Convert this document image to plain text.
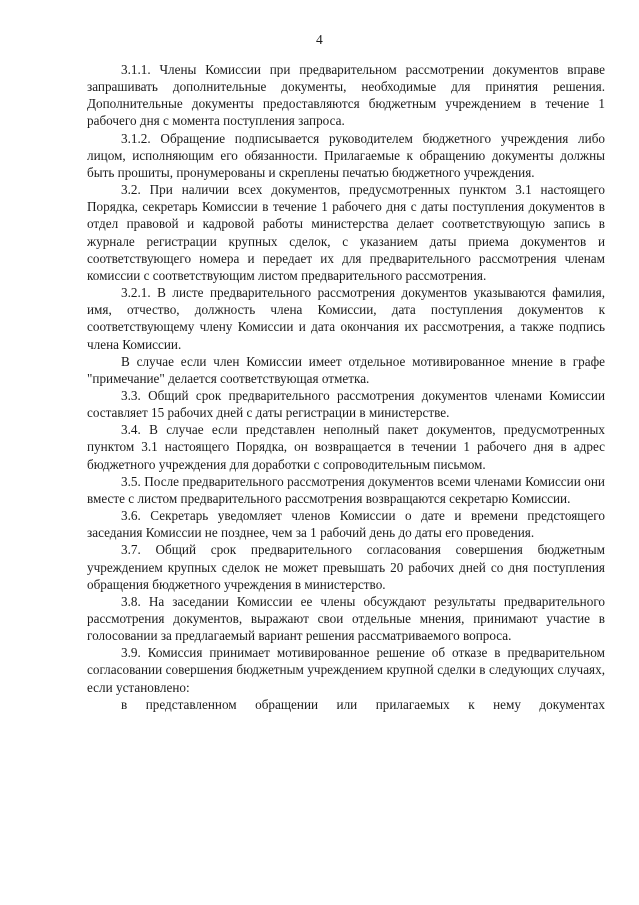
4

3.1.1. Члены Комиссии при предварительном рассмотрении документов вправе запрашивать дополнительные документы, необходимые для принятия решения. Дополнительные документы предоставляются бюджетным учреждением в течение 1 рабочего дня с момента поступления запроса.

3.1.2. Обращение подписывается руководителем бюджетного учреждения либо лицом, исполняющим его обязанности. Прилагаемые к обращению документы должны быть прошиты, пронумерованы и скреплены печатью бюджетного учреждения.

3.2. При наличии всех документов, предусмотренных пунктом 3.1 настоящего Порядка, секретарь Комиссии в течение 1 рабочего дня с даты поступления документов в отдел правовой и кадровой работы министерства делает соответствующую запись в журнале регистрации крупных сделок, с указанием даты приема документов и соответствующего номера и передает их для предварительного рассмотрения членам комиссии с соответствующим листом предварительного рассмотрения.

3.2.1. В листе предварительного рассмотрения документов указываются фамилия, имя, отчество, должность члена Комиссии, дата поступления документов к соответствующему члену Комиссии и дата окончания их рассмотрения, а также подпись члена Комиссии.

В случае если член Комиссии имеет отдельное мотивированное мнение в графе "примечание" делается соответствующая отметка.

3.3. Общий срок предварительного рассмотрения документов членами Комиссии составляет 15 рабочих дней с даты регистрации в министерстве.

3.4. В случае если представлен неполный пакет документов, предусмотренных пунктом 3.1 настоящего Порядка, он возвращается в течении 1 рабочего дня в адрес бюджетного учреждения для доработки с сопроводительным письмом.

3.5. После предварительного рассмотрения документов всеми членами Комиссии они вместе с листом предварительного рассмотрения возвращаются секретарю Комиссии.

3.6. Секретарь уведомляет членов Комиссии о дате и времени предстоящего заседания Комиссии не позднее, чем за 1 рабочий день до даты его проведения.

3.7. Общий срок предварительного согласования совершения бюджетным учреждением крупных сделок не может превышать 20 рабочих дней со дня поступления обращения бюджетного учреждения в министерство.

3.8. На заседании Комиссии ее члены обсуждают результаты предварительного рассмотрения документов, выражают свои отдельные мнения, принимают участие в голосовании за предлагаемый вариант решения рассматриваемого вопроса.

3.9. Комиссия принимает мотивированное решение об отказе в предварительном согласовании совершения бюджетным учреждением крупной сделки в следующих случаях, если установлено:

в представленном обращении или прилагаемых к нему документах
